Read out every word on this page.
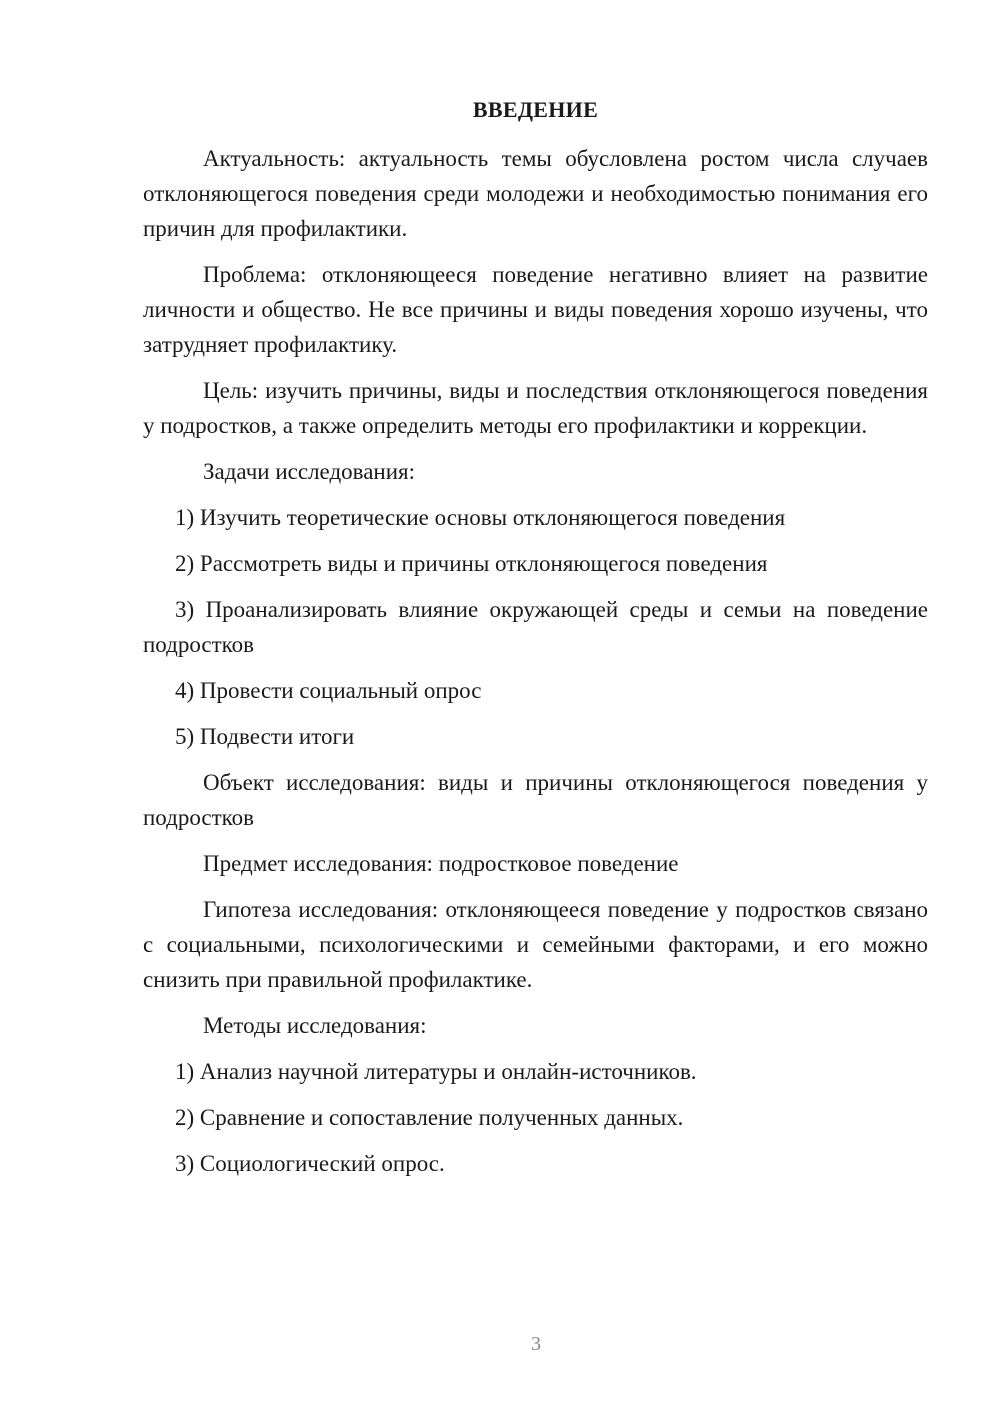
ВВЕДЕНИЕ

Актуальность: актуальность темы обусловлена ростом числа случаев отклоняющегося поведения среди молодежи и необходимостью понимания его причин для профилактики.

Проблема: отклоняющееся поведение негативно влияет на развитие личности и общество. Не все причины и виды поведения хорошо изучены, что затрудняет профилактику.

Цель: изучить причины, виды и последствия отклоняющегося поведения у подростков, а также определить методы его профилактики и коррекции.

Задачи исследования:

1) Изучить теоретические основы отклоняющегося поведения

2) Рассмотреть виды и причины отклоняющегося поведения

3) Проанализировать влияние окружающей среды и семьи на поведение подростков

4) Провести социальный опрос

5) Подвести итоги

Объект исследования: виды и причины отклоняющегося поведения у подростков

Предмет исследования: подростковое поведение

Гипотеза исследования: отклоняющееся поведение у подростков связано с социальными, психологическими и семейными факторами, и его можно снизить при правильной профилактике.

Методы исследования:

1) Анализ научной литературы и онлайн-источников.

2) Сравнение и сопоставление полученных данных.

3) Социологический опрос.

3
